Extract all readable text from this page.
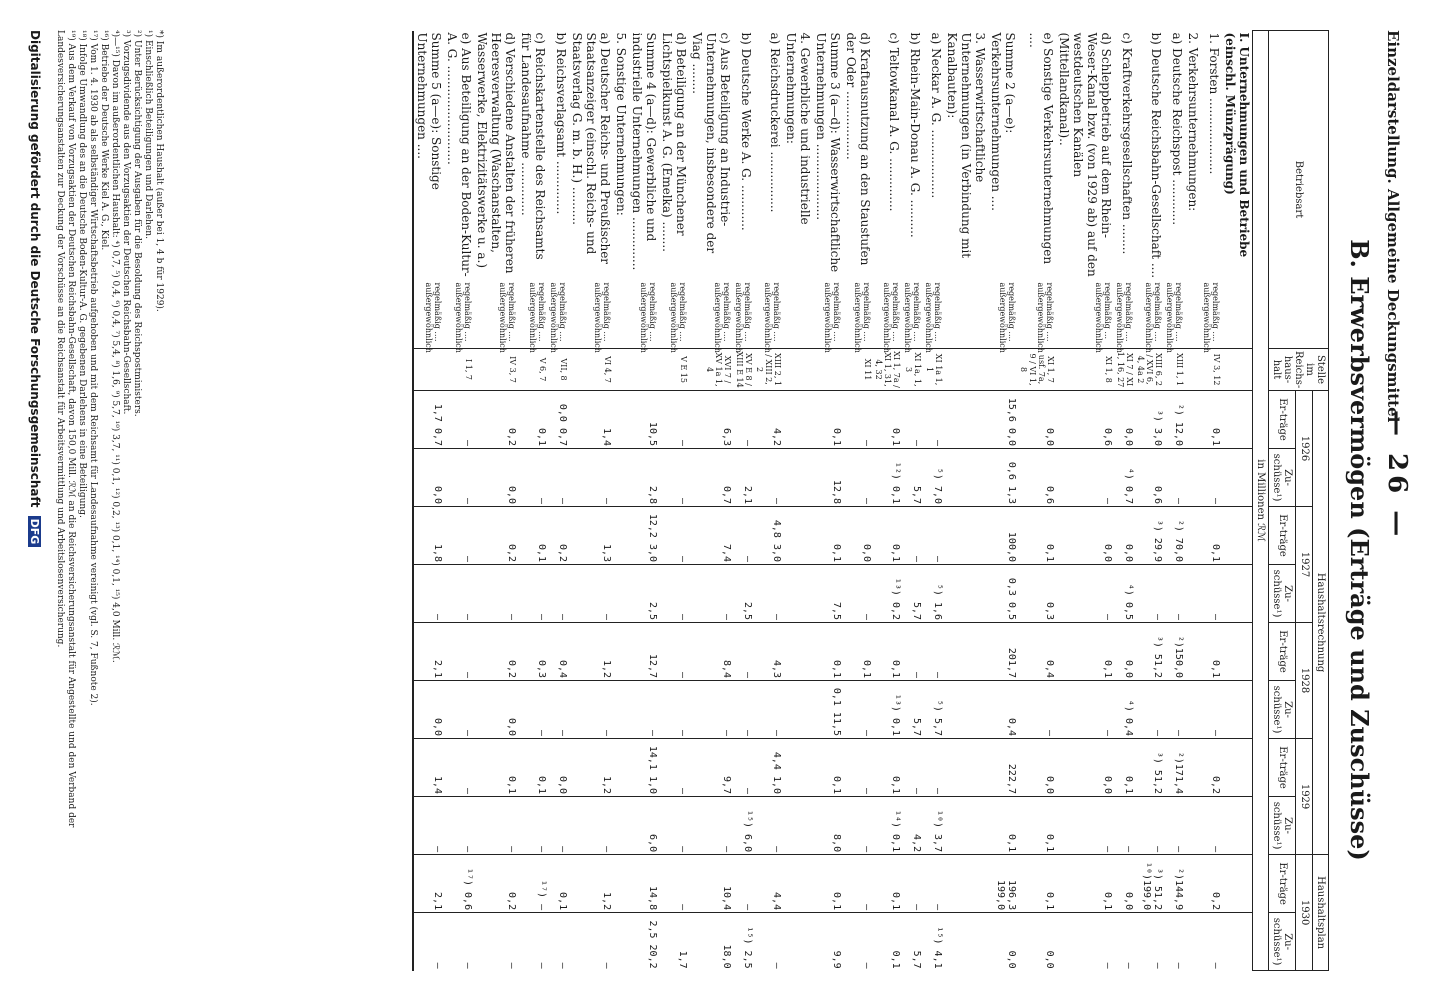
Einzeldarstellung. Allgemeine Deckungsmittel
— 26 —
B. Erwerbsvermögen (Erträge und Zuschüsse)
Betriebsart		Stelle im Reichs-haus-halt	Haushaltsrechnung								Haushaltsplan	
			1926		1927		1928		1929		1930	
			Er-träge	Zu-schüsse¹)	Er-träge	Zu-schüsse¹)	Er-träge	Zu-schüsse¹)	Er-träge	Zu-schüsse¹)	Er-träge	Zu-schüsse¹)
in Millionen ℛℳ												
I. Unternehmungen und Betriebe (einschl. Münzprägung)												
1. Forsten ....................	regelmäßig .... außergewöhnlich	IV 3, 12	0,1	—	0,1	—	0,1	—	0,2	—	0,2	—
2. Verkehrsunternehmungen:												
a) Deutsche Reichspost ............	regelmäßig .... außergewöhnlich	XIII 1, 1	²) 12,0	—	²) 70,0	—	²)150,0	—	²)171,4	—	²)144,9	—
b) Deutsche Reichsbahn-Gesellschaft ....	regelmäßig .... außergewöhnlich	XIII 6, 2 / XVI 6, 4, 4a 2	³) 3,0	0,6	³) 29,9	—	³) 51,2	—	³) 51,2	—	³) 51,2 ¹⁰)199,0	—
c) Kraftverkehrsgesellschaften ........	regelmäßig .... außergewöhnlich	XI 7 / XI 1, 16, 27	0,0	⁴) 0,7	0,0	⁴) 0,5	0,0	⁴) 0,4	0,1	—	0,0	—
d) Schleppbetrieb auf dem Rhein-Weser-Kanal bzw. (von 1929 ab) auf den westdeutschen Kanälen (Mittellandkanal)..	regelmäßig ... außergewöhnlich	XI 1, 8	0,6	—	0,0	—	0,1	—	0,0	—	0,1	—
e) Sonstige Verkehrsunternehmungen ....	regelmäßig .... außergewöhnlich	XI 1, 7 usf. 7a, 9 / VI 1, 8	0,0	0,6	0,1	0,3	0,4	—	0,0	0,1	0,1	0,0
Summe 2 (a—e): Verkehrsunternehmungen ....	regelmäßig .... außergewöhnlich		15,6 0,0	0,6 1,3	100,0	0,3 0,5	201,7	0,4	222,7	0,1	196,3 199,0	0,0
3. Wasserwirtschaftliche Unternehmungen (in Verbindung mit Kanalbauten):												
a) Neckar A. G. ..................	regelmäßig .... außergewöhnlich	XI 1a 1, 1	—	⁵) 7,0	—	⁵) 1,6	—	⁵) 5,7	—	¹⁰) 3,7	—	¹⁵) 4,1
b) Rhein-Main-Donau A. G. ..........	regelmäßig .... außergewöhnlich	XI 1a, 1, 3	—	5,7	—	5,7	—	5,7	—	4,2	—	5,7
c) Teltowkanal A. G. ..............	regelmäßig .... außergewöhnlich	XI 1, 7a / XI 1, 31, 4, 32	0,1	¹²) 0,1	0,1	¹³) 0,2	0,1	¹³) 0,1	0,1	¹⁴) 0,1	0,1	0,1
d) Kraftausnutzung an den Staustufen der Oder ..................	regelmäßig .... außergewöhnlich	XI 11	—	—	0,0	—	0,1	—	—	—	—	—
Summe 3 (a—d): Wasserwirtschaftliche Unternehmungen ....................	regelmäßig .... außergewöhnlich		0,1	12,8	0,1	7,5	0,1	0,1 11,5	0,1	8,0	0,1	9,9
4. Gewerbliche und industrielle Unternehmungen:												
a) Reichsdruckerei ................	regelmäßig .... außergewöhnlich	XIII 2, 1 / XIII 2, 2	4,2	—	4,8 3,0	—	4,3	—	4,4 1,0	—	4,4	—
b) Deutsche Werke A. G. ............	regelmäßig .... außergewöhnlich	XV E 8 / XIII E 14	—	2,1	—	2,5	—	—	—	¹⁵) 6,0	—	¹⁵) 2,5
c) Aus Beteiligung an Industrie-Unternehmungen, insbesondere der Viag ........	regelmäßig .... außergewöhnlich	XVI 7 / XV 1a 1, 4	6,3	0,7	7,4	—	8,4	—	9,7	—	10,4	18,0
d) Beteiligung an der Münchener Lichtspielkunst A. G. (Emelka) ........	regelmäßig .... außergewöhnlich	V E 15	—	—	—	—	—	—	—	—	—	1,7
Summe 4 (a—d): Gewerbliche und industrielle Unternehmungen ..............	regelmäßig .... außergewöhnlich		10,5	2,8	12,2 3,0	2,5	12,7	—	14,1 1,0	6,0	14,8	2,5 20,2
5. Sonstige Unternehmungen:												
a) Deutscher Reichs- und Preußischer Staatsanzeiger (einschl. Reichs- und Staatsverlag G. m. b. H.) ..........	regelmäßig .... außergewöhnlich	VI 4, 7	1,4	—	1,3	—	1,2	—	1,2	—	1,2	—
b) Reichsverlagsamt ..............	regelmäßig .... außergewöhnlich	VII, 8	0,0 0,7	—	0,2	—	0,4	—	0,0	—	0,1	—
c) Reichskartenstelle des Reichsamts für Landesaufnahme ..............	regelmäßig .... außergewöhnlich	V 6, 7	0,1	—	0,1	—	0,3	—	0,1	—	¹⁷) —	—
d) Verschiedene Anstalten der früheren Heeresverwaltung (Waschanstalten, Wasserwerke, Elektrizitätswerke u. a.)	regelmäßig .... außergewöhnlich	IV 3, 7	0,2	0,0	0,2	—	0,2	0,0	0,1	—	0,2	—
e) Aus Beteiligung an der Boden-Kultur-A. G. ..........................	regelmäßig .... außergewöhnlich	I 1, 7	—	—	—	—	—	—	—	—	¹⁷) 0,6	—
Summe 5 (a—e): Sonstige Unternehmungen ....	regelmäßig .... außergewöhnlich		1,7 0,7	0,0	1,8	—	2,1	0,0	1,4	—	2,1	—
*) Im außerordentlichen Haushalt (außer bei 1, 4 b für 1929).
¹) Einschließlich Beteiligungen und Darlehen.
²) Unter Berücksichtigung der Ausgaben für die Besoldung des Reichspostministers.
³) Vorzugsdividende aus den Vorzugsaktien der Deutschen Reichsbahn-Gesellschaft.
⁴)—¹⁵) Davon im außerordentlichen Haushalt: ⁴) 0,7, ⁵) 0,4, ⁶) 0,4, ⁷) 5,4, ⁸) 1,6, ⁹) 5,7, ¹⁰) 3,7, ¹¹) 0,1, ¹²) 0,2, ¹³) 0,1, ¹⁴) 0,1, ¹⁵) 4,0 Mill. ℛℳ.
¹⁶) Betriebe der Deutsche Werke Kiel A. G., Kiel.
¹⁷) Vom 1. 4. 1930 ab als selbständiger Wirtschaftsbetrieb aufgehoben und mit dem Reichsamt für Landesaufnahme vereinigt (vgl. S. 7, Fußnote 2).
¹⁸) Infolge Umwandlung des an die Deutsche Boden-Kultur-A. G. gegebenen Darlehens in eine Beteiligung.
¹⁹) Aus dem Verkauf von Vorzugsaktien der Deutschen Reichsbahn-Gesellschaft, davon 150,0 Mill. ℛℳ an die Reichsversicherungsanstalt für Angestellte und den Verband der Landesversicherungsanstalten zur Deckung der Vorschüsse an die Reichsanstalt für Arbeitsvermittlung und Arbeitslosenversicherung.
Digitalisierung gefördert durch die Deutsche Forschungsgemeinschaft DFG
